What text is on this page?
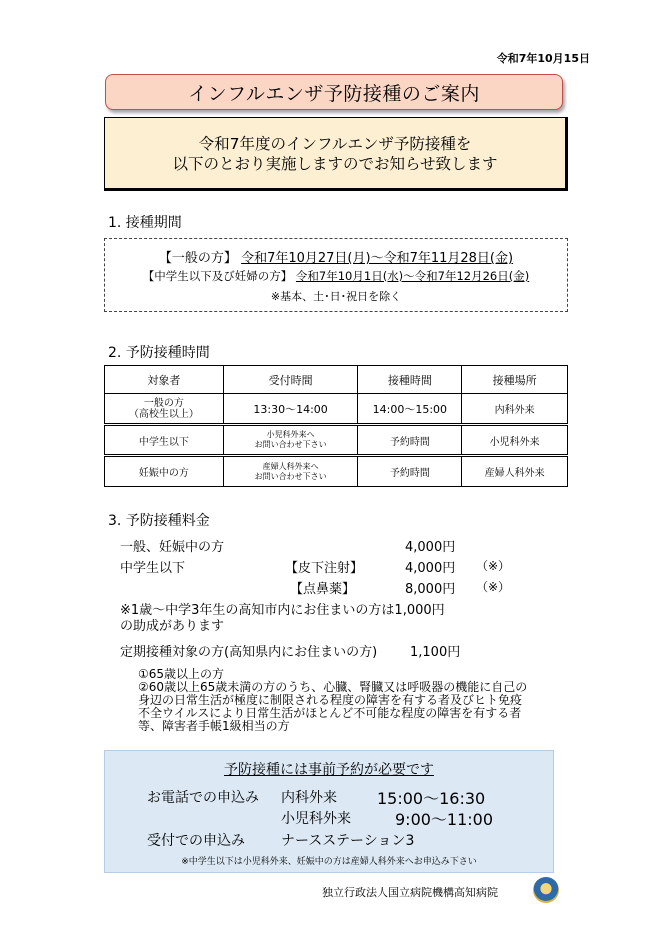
令和7年10月15日
インフルエンザ予防接種のご案内
令和7年度のインフルエンザ予防接種を
以下のとおり実施しますのでお知らせ致します
1. 接種期間
【一般の方】 令和7年10月27日(月)～令和7年11月28日(金)
【中学生以下及び妊婦の方】 令和7年10月1日(水)～令和7年12月26日(金)
※基本、土･日･祝日を除く
2. 予防接種時間
対象者	受付時間	接種時間	接種場所

一般の方
（高校生以上）	13:30～14:00	14:00～15:00	内科外来
中学生以下	小児科外来へ
お問い合わせ下さい	予約時間	小児科外来
妊娠中の方	産婦人科外来へ
お問い合わせ下さい	予約時間	産婦人科外来
3. 予防接種料金
一般、妊娠中の方	4,000円
中学生以下	【皮下注射】	4,000円 （※）
【点鼻薬】	8,000円 （※）
※1歳～中学3年生の高知市内にお住まいの方は1,000円
の助成があります
定期接種対象の方(高知県内にお住まいの方)	1,100円
①65歳以上の方
②60歳以上65歳未満の方のうち、心臓、腎臓又は呼吸器の機能に自己の
身辺の日常生活が極度に制限される程度の障害を有する者及びヒト免疫
不全ウイルスにより日常生活がほとんど不可能な程度の障害を有する者
等、障害者手帳1級相当の方
予防接種には事前予約が必要です
お電話での申込み 内科外来	15:00～16:30
小児科外来	9:00～11:00
受付での申込み	ナースステーション3
※中学生以下は小児科外来、妊娠中の方は産婦人科外来へお申込み下さい
独立行政法人国立病院機構高知病院
